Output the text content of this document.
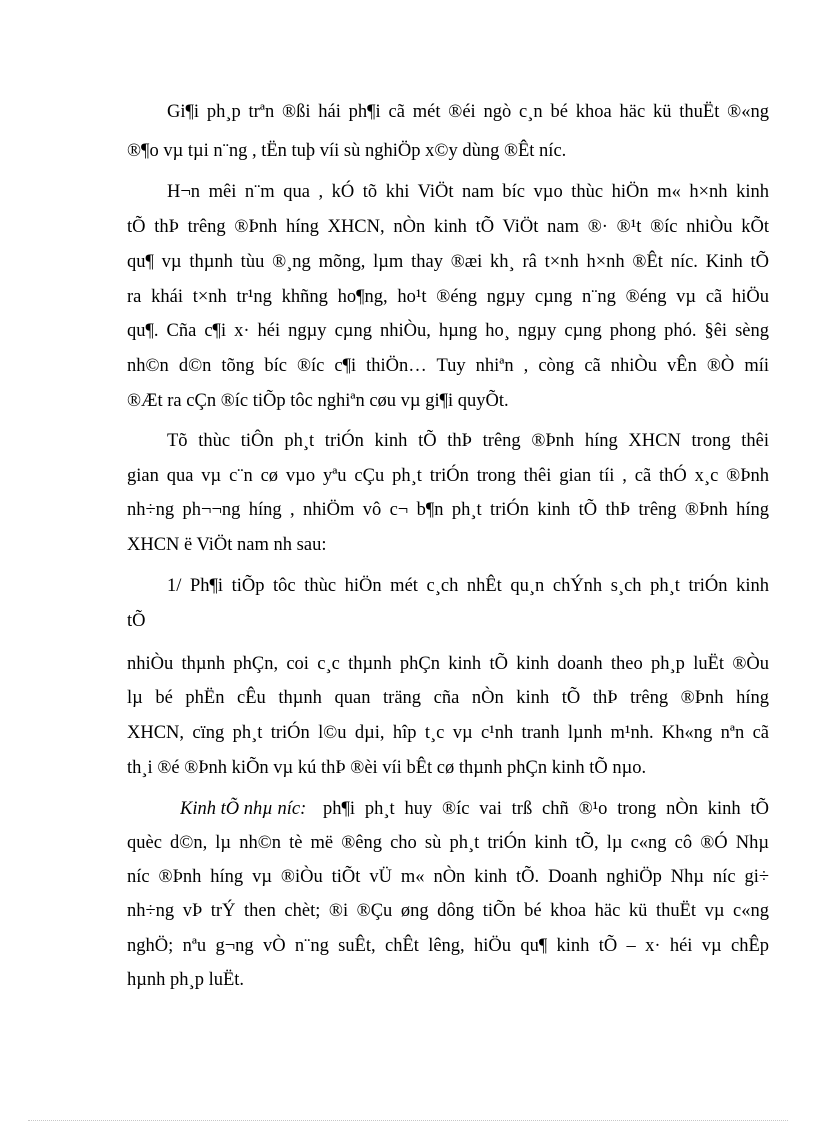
Gi¶i ph¸p trªn ®ßi hái ph¶i cã mét ®éi ngò c¸n bé khoa häc kü thuËt ®«ng
®¶o vµ tµi n¨ng , tËn tuþ víi sù nghiÖp x©y dùng ®Êt níc.
H¬n mêi n¨m qua , kÓ tõ khi ViÖt nam bíc vµo thùc hiÖn m« h×nh kinh
tÕ thÞ trêng ®Þnh híng XHCN, nÒn kinh tÕ ViÖt nam ®· ®¹t ®íc nhiÒu kÕt
qu¶ vµ thµnh tùu ®¸ng mõng, lµm thay ®æi kh¸ râ t×nh h×nh ®Êt níc. Kinh tÕ
ra khái t×nh tr¹ng khñng ho¶ng, ho¹t ®éng ngµy cµng n¨ng ®éng vµ cã hiÖu
qu¶. Cña c¶i x· héi ngµy cµng nhiÒu, hµng ho¸ ngµy cµng phong phó. §êi sèng
nh©n d©n tõng bíc ®íc c¶i thiÖn… Tuy nhiªn , còng cã nhiÒu vÊn ®Ò míi
®Æt ra cÇn ®íc tiÕp tôc nghiªn cøu vµ gi¶i quyÕt.
Tõ thùc tiÔn ph¸t triÓn kinh tÕ thÞ trêng ®Þnh híng XHCN trong thêi
gian qua vµ c¨n cø vµo yªu cÇu ph¸t triÓn trong thêi gian tíi , cã thÓ x¸c ®Þnh
nh÷ng ph¬¬ng híng , nhiÖm vô c¬ b¶n ph¸t triÓn kinh tÕ thÞ trêng ®Þnh híng
XHCN ë ViÖt nam nh sau:
1/ Ph¶i tiÕp tôc thùc hiÖn mét c¸ch nhÊt qu¸n chÝnh s¸ch ph¸t triÓn kinh
tÕ
nhiÒu thµnh phÇn, coi c¸c thµnh phÇn kinh tÕ kinh doanh theo ph¸p luËt ®Òu
lµ bé phËn cÊu thµnh quan träng cña nÒn kinh tÕ thÞ trêng ®Þnh híng
XHCN, cïng ph¸t triÓn l©u dµi, hîp t¸c vµ c¹nh tranh lµnh m¹nh. Kh«ng nªn cã
th¸i ®é ®Þnh kiÕn vµ kú thÞ ®èi víi bÊt cø thµnh phÇn kinh tÕ nµo.
Kinh tÕ nhµ níc: ph¶i ph¸t huy ®íc vai trß chñ ®¹o trong nÒn kinh tÕ
quèc d©n, lµ nh©n tè më ®êng cho sù ph¸t triÓn kinh tÕ, lµ c«ng cô ®Ó Nhµ
níc ®Þnh híng vµ ®iÒu tiÕt vÜ m« nÒn kinh tÕ. Doanh nghiÖp Nhµ níc gi÷
nh÷ng vÞ trÝ then chèt; ®i ®Çu øng dông tiÕn bé khoa häc kü thuËt vµ c«ng
nghÖ; nªu g¬ng vÒ n¨ng suÊt, chÊt lêng, hiÖu qu¶ kinh tÕ – x· héi vµ chÊp
hµnh ph¸p luËt.
